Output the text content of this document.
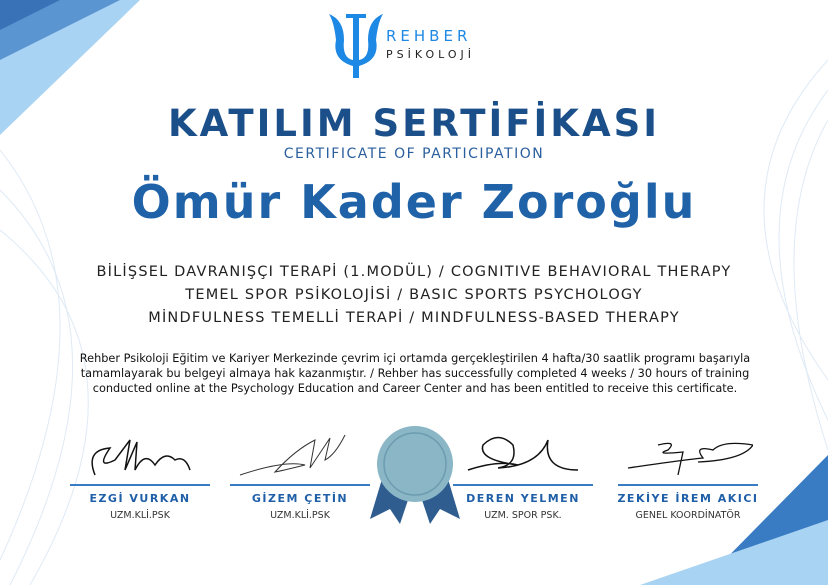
REHBER
PSİKOLOJİ
KATILIM SERTİFİKASI
CERTIFICATE OF PARTICIPATION
Ömür Kader Zoroğlu
BİLİŞSEL DAVRANIŞÇI TERAPİ (1.MODÜL) / COGNITIVE BEHAVIORAL THERAPY
TEMEL SPOR PSİKOLOJİSİ / BASIC SPORTS PSYCHOLOGY
MİNDFULNESS TEMELLİ TERAPİ / MINDFULNESS-BASED THERAPY
Rehber Psikoloji Eğitim ve Kariyer Merkezinde çevrim içi ortamda gerçekleştirilen 4 hafta/30 saatlik programı başarıyla tamamlayarak bu belgeyi almaya hak kazanmıştır. / Rehber has successfully completed 4 weeks / 30 hours of training conducted online at the Psychology Education and Career Center and has been entitled to receive this certificate.
EZGİ VURKAN
UZM.KLİ.PSK
GİZEM ÇETİN
UZM.KLİ.PSK
DEREN YELMEN
UZM. SPOR PSK.
ZEKİYE İREM AKICI
GENEL KOORDİNATÖR
